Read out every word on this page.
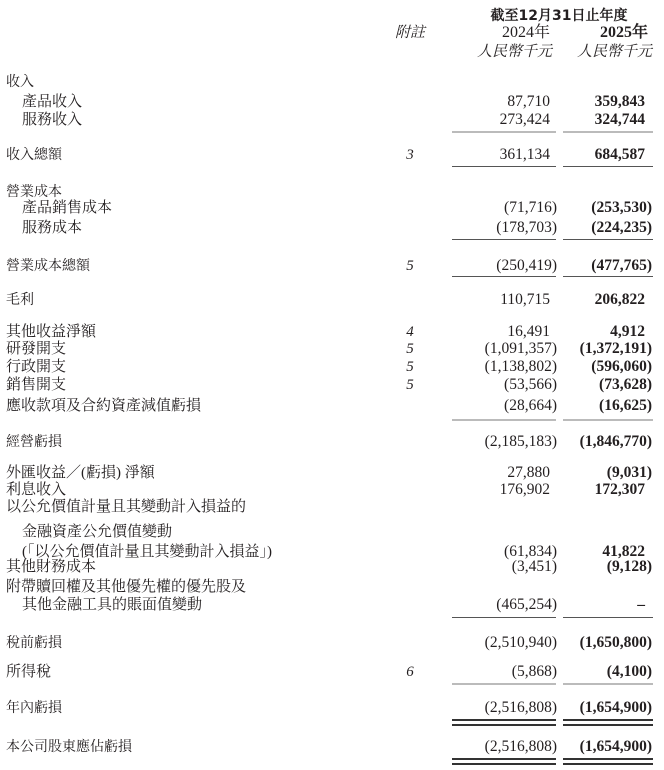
截至12月31日止年度
附註	2024年	2025年
人民幣千元	人民幣千元
收入
產品收入	87,710	359,843
服務收入	273,424	324,744
收入總額	3	361,134	684,587
營業成本
產品銷售成本	(71,716)	(253,530)
服務成本	(178,703)	(224,235)
營業成本總額	5	(250,419)	(477,765)
毛利	110,715	206,822
其他收益淨額	4	16,491	4,912
研發開支	5	(1,091,357)	(1,372,191)
行政開支	5	(1,138,802)	(596,060)
銷售開支	5	(53,566)	(73,628)
應收款項及合約資產減值虧損	(28,664)	(16,625)
經營虧損	(2,185,183)	(1,846,770)
外匯收益／(虧損) 淨額	27,880	(9,031)
利息收入	176,902	172,307
以公允價值計量且其變動計入損益的
金融資產公允價值變動
(「以公允價值計量且其變動計入損益」)	(61,834)	41,822
其他財務成本	(3,451)	(9,128)
附帶贖回權及其他優先權的優先股及
其他金融工具的賬面值變動	(465,254)	–
稅前虧損	(2,510,940)	(1,650,800)
所得稅	6	(5,868)	(4,100)
年內虧損	(2,516,808)	(1,654,900)
本公司股東應佔虧損	(2,516,808)	(1,654,900)
